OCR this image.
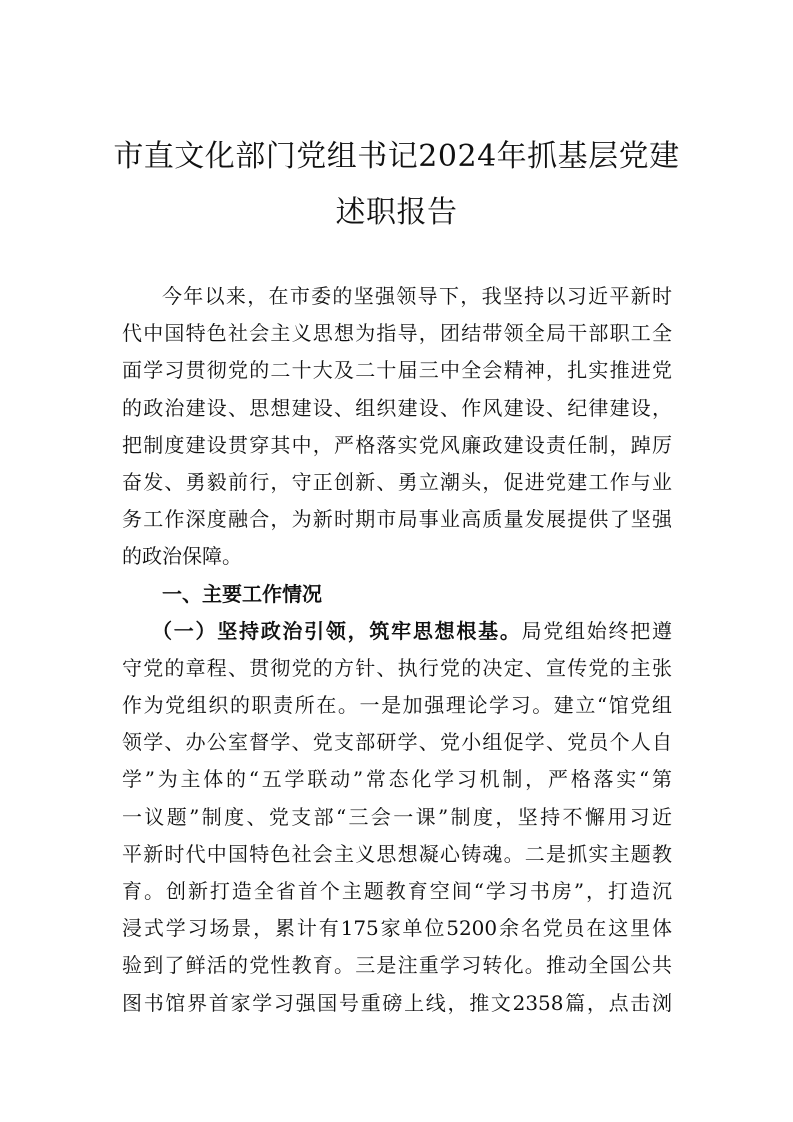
市直文化部门党组书记2024年抓基层党建
述职报告
今年以来，在市委的坚强领导下，我坚持以习近平新时
代中国特色社会主义思想为指导，团结带领全局干部职工全
面学习贯彻党的二十大及二十届三中全会精神，扎实推进党
的政治建设、思想建设、组织建设、作风建设、纪律建设，
把制度建设贯穿其中，严格落实党风廉政建设责任制，踔厉
奋发、勇毅前行，守正创新、勇立潮头，促进党建工作与业
务工作深度融合，为新时期市局事业高质量发展提供了坚强
的政治保障。
一、主要工作情况
（一）坚持政治引领，筑牢思想根基。局党组始终把遵
守党的章程、贯彻党的方针、执行党的决定、宣传党的主张
作为党组织的职责所在。一是加强理论学习。建立“馆党组
领学、办公室督学、党支部研学、党小组促学、党员个人自
学”为主体的“五学联动”常态化学习机制，严格落实“第
一议题”制度、党支部“三会一课”制度，坚持不懈用习近
平新时代中国特色社会主义思想凝心铸魂。二是抓实主题教
育。创新打造全省首个主题教育空间“学习书房”，打造沉
浸式学习场景，累计有175家单位5200余名党员在这里体
验到了鲜活的党性教育。三是注重学习转化。推动全国公共
图书馆界首家学习强国号重磅上线，推文2358篇，点击浏
